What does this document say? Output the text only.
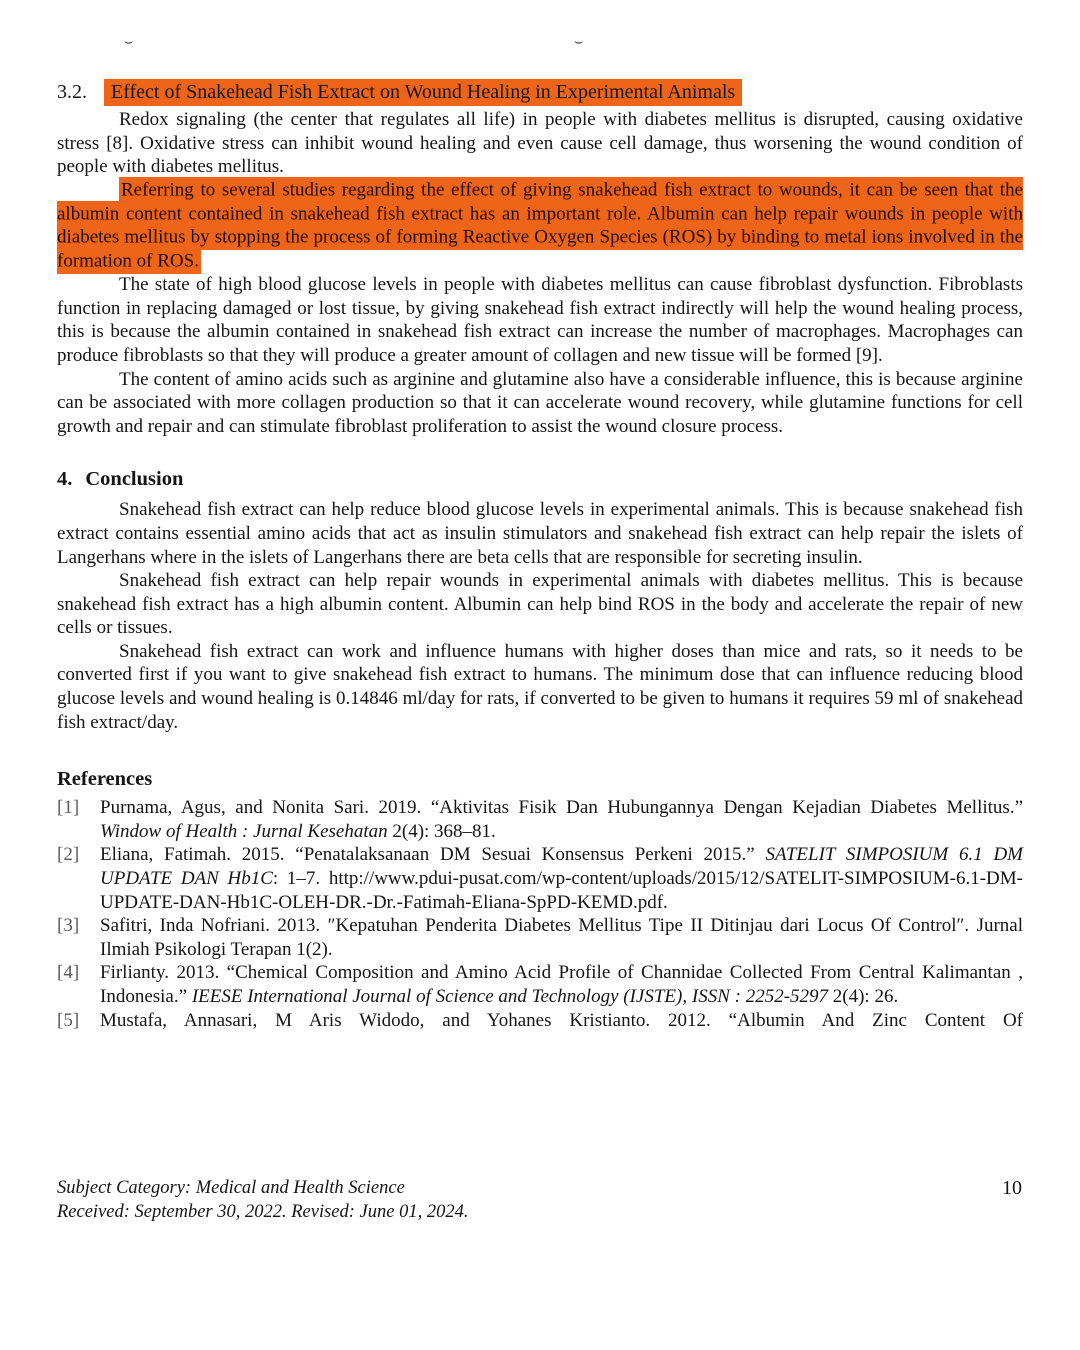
⌣	⌣
3.2. Effect of Snakehead Fish Extract on Wound Healing in Experimental Animals

Redox signaling (the center that regulates all life) in people with diabetes mellitus is disrupted, causing oxidative stress [8]. Oxidative stress can inhibit wound healing and even cause cell damage, thus worsening the wound condition of people with diabetes mellitus.

Referring to several studies regarding the effect of giving snakehead fish extract to wounds, it can be seen that the albumin content contained in snakehead fish extract has an important role. Albumin can help repair wounds in people with diabetes mellitus by stopping the process of forming Reactive Oxygen Species (ROS) by binding to metal ions involved in the formation of ROS.

The state of high blood glucose levels in people with diabetes mellitus can cause fibroblast dysfunction. Fibroblasts function in replacing damaged or lost tissue, by giving snakehead fish extract indirectly will help the wound healing process, this is because the albumin contained in snakehead fish extract can increase the number of macrophages. Macrophages can produce fibroblasts so that they will produce a greater amount of collagen and new tissue will be formed [9].

The content of amino acids such as arginine and glutamine also have a considerable influence, this is because arginine can be associated with more collagen production so that it can accelerate wound recovery, while glutamine functions for cell growth and repair and can stimulate fibroblast proliferation to assist the wound closure process.

4. Conclusion

Snakehead fish extract can help reduce blood glucose levels in experimental animals. This is because snakehead fish extract contains essential amino acids that act as insulin stimulators and snakehead fish extract can help repair the islets of Langerhans where in the islets of Langerhans there are beta cells that are responsible for secreting insulin.

Snakehead fish extract can help repair wounds in experimental animals with diabetes mellitus. This is because snakehead fish extract has a high albumin content. Albumin can help bind ROS in the body and accelerate the repair of new cells or tissues.

Snakehead fish extract can work and influence humans with higher doses than mice and rats, so it needs to be converted first if you want to give snakehead fish extract to humans. The minimum dose that can influence reducing blood glucose levels and wound healing is 0.14846 ml/day for rats, if converted to be given to humans it requires 59 ml of snakehead fish extract/day.

References
[1]	Purnama, Agus, and Nonita Sari. 2019. “Aktivitas Fisik Dan Hubungannya Dengan Kejadian Diabetes Mellitus.” Window of Health : Jurnal Kesehatan 2(4): 368–81.
[2]	Eliana, Fatimah. 2015. “Penatalaksanaan DM Sesuai Konsensus Perkeni 2015.” SATELIT SIMPOSIUM 6.1 DM UPDATE DAN Hb1C: 1–7. http://www.pdui-pusat.com/wp-content/uploads/2015/12/SATELIT-SIMPOSIUM-6.1-DM-UPDATE-DAN-Hb1C-OLEH-DR.-Dr.-Fatimah-Eliana-SpPD-KEMD.pdf.
[3]	Safitri, Inda Nofriani. 2013. ″Kepatuhan Penderita Diabetes Mellitus Tipe II Ditinjau dari Locus Of Control″. Jurnal Ilmiah Psikologi Terapan 1(2).
[4]	Firlianty. 2013. “Chemical Composition and Amino Acid Profile of Channidae Collected From Central Kalimantan , Indonesia.” IEESE International Journal of Science and Technology (IJSTE), ISSN : 2252-5297 2(4): 26.
[5]	Mustafa, Annasari, M Aris Widodo, and Yohanes Kristianto. 2012. “Albumin And Zinc Content Of
Subject Category: Medical and Health Science
Received: September 30, 2022. Revised: June 01, 2024.
10
